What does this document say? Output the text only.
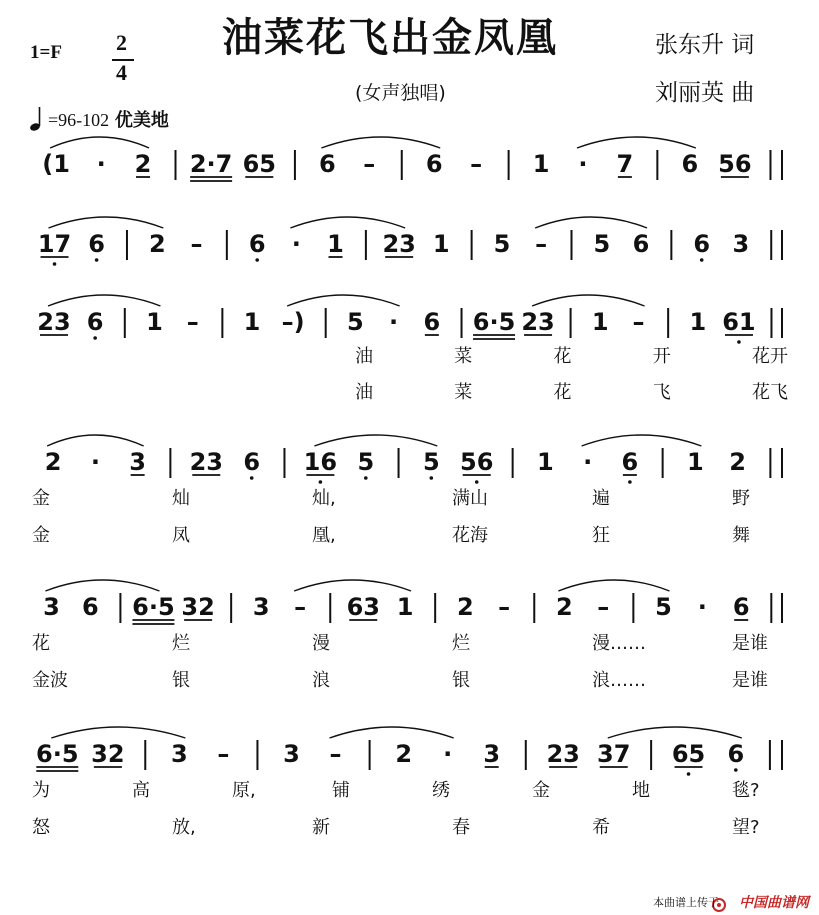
油菜花飞出金凤凰
1=F 2
4
张东升 词
刘丽英 曲
(女声独唱)
=96-102 优美地
(1 · 2 2·7 65 6 – 6 – 1 · 7 6 56
17 6 2 – 6 · 1 23 1 5 – 5 6 6 3
23 6 1 – 1 –) 5 · 6 6·5 23 1 – 1 61
2 · 3 23 6 16 5 5 56 1 · 6 1 2
3 6 6·5 32 3 – 63 1 2 – 2 – 5 · 6
6·5 32 3 – 3 – 2 · 3 23 37 65 6
油	菜	花	开	花开
油	菜	花	飞	花飞
金	灿	灿,	满山	遍	野
金	凤	凰,	花海	狂	舞
花	烂	漫	烂	漫……	是谁
金波	银	浪	银	浪……	是谁
为	高	原,	铺	绣	金	地	毯?
怒	放,	新	春	希	望?
本曲谱上传于 中国曲谱网
